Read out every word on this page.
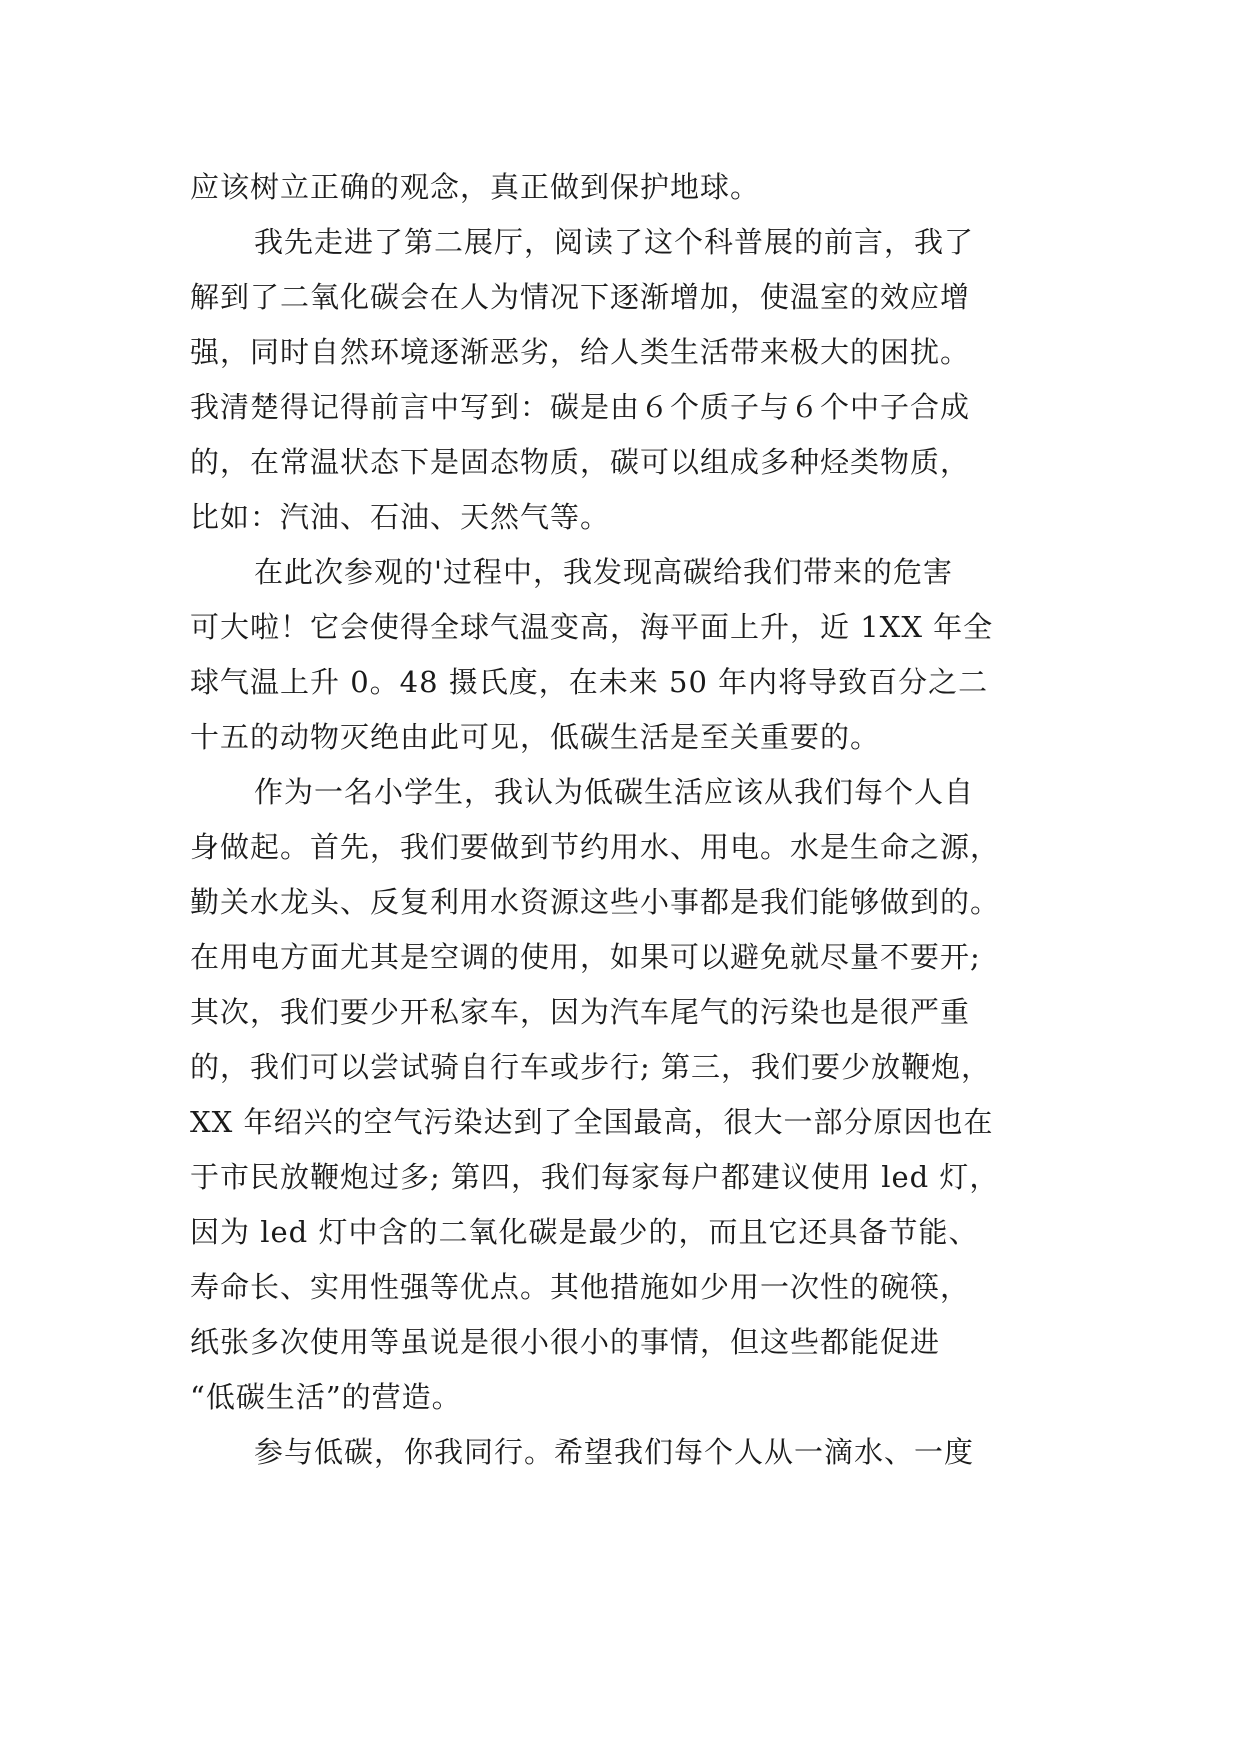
应该树立正确的观念，真正做到保护地球。
我先走进了第二展厅，阅读了这个科普展的前言，我了
解到了二氧化碳会在人为情况下逐渐增加，使温室的效应增
强，同时自然环境逐渐恶劣，给人类生活带来极大的困扰。
我清楚得记得前言中写到：碳是由６个质子与６个中子合成
的，在常温状态下是固态物质，碳可以组成多种烃类物质，
比如：汽油、石油、天然气等。
在此次参观的'过程中，我发现高碳给我们带来的危害
可大啦！它会使得全球气温变高，海平面上升，近 1XX 年全
球气温上升 0。48 摄氏度，在未来 50 年内将导致百分之二
十五的动物灭绝由此可见，低碳生活是至关重要的。
作为一名小学生，我认为低碳生活应该从我们每个人自
身做起。首先，我们要做到节约用水、用电。水是生命之源，
勤关水龙头、反复利用水资源这些小事都是我们能够做到的。
在用电方面尤其是空调的使用，如果可以避免就尽量不要开;
其次，我们要少开私家车，因为汽车尾气的污染也是很严重
的，我们可以尝试骑自行车或步行; 第三，我们要少放鞭炮，
XX 年绍兴的空气污染达到了全国最高，很大一部分原因也在
于市民放鞭炮过多; 第四，我们每家每户都建议使用 led 灯，
因为 led 灯中含的二氧化碳是最少的，而且它还具备节能、
寿命长、实用性强等优点。其他措施如少用一次性的碗筷，
纸张多次使用等虽说是很小很小的事情，但这些都能促进
“低碳生活”的营造。
参与低碳，你我同行。希望我们每个人从一滴水、一度
